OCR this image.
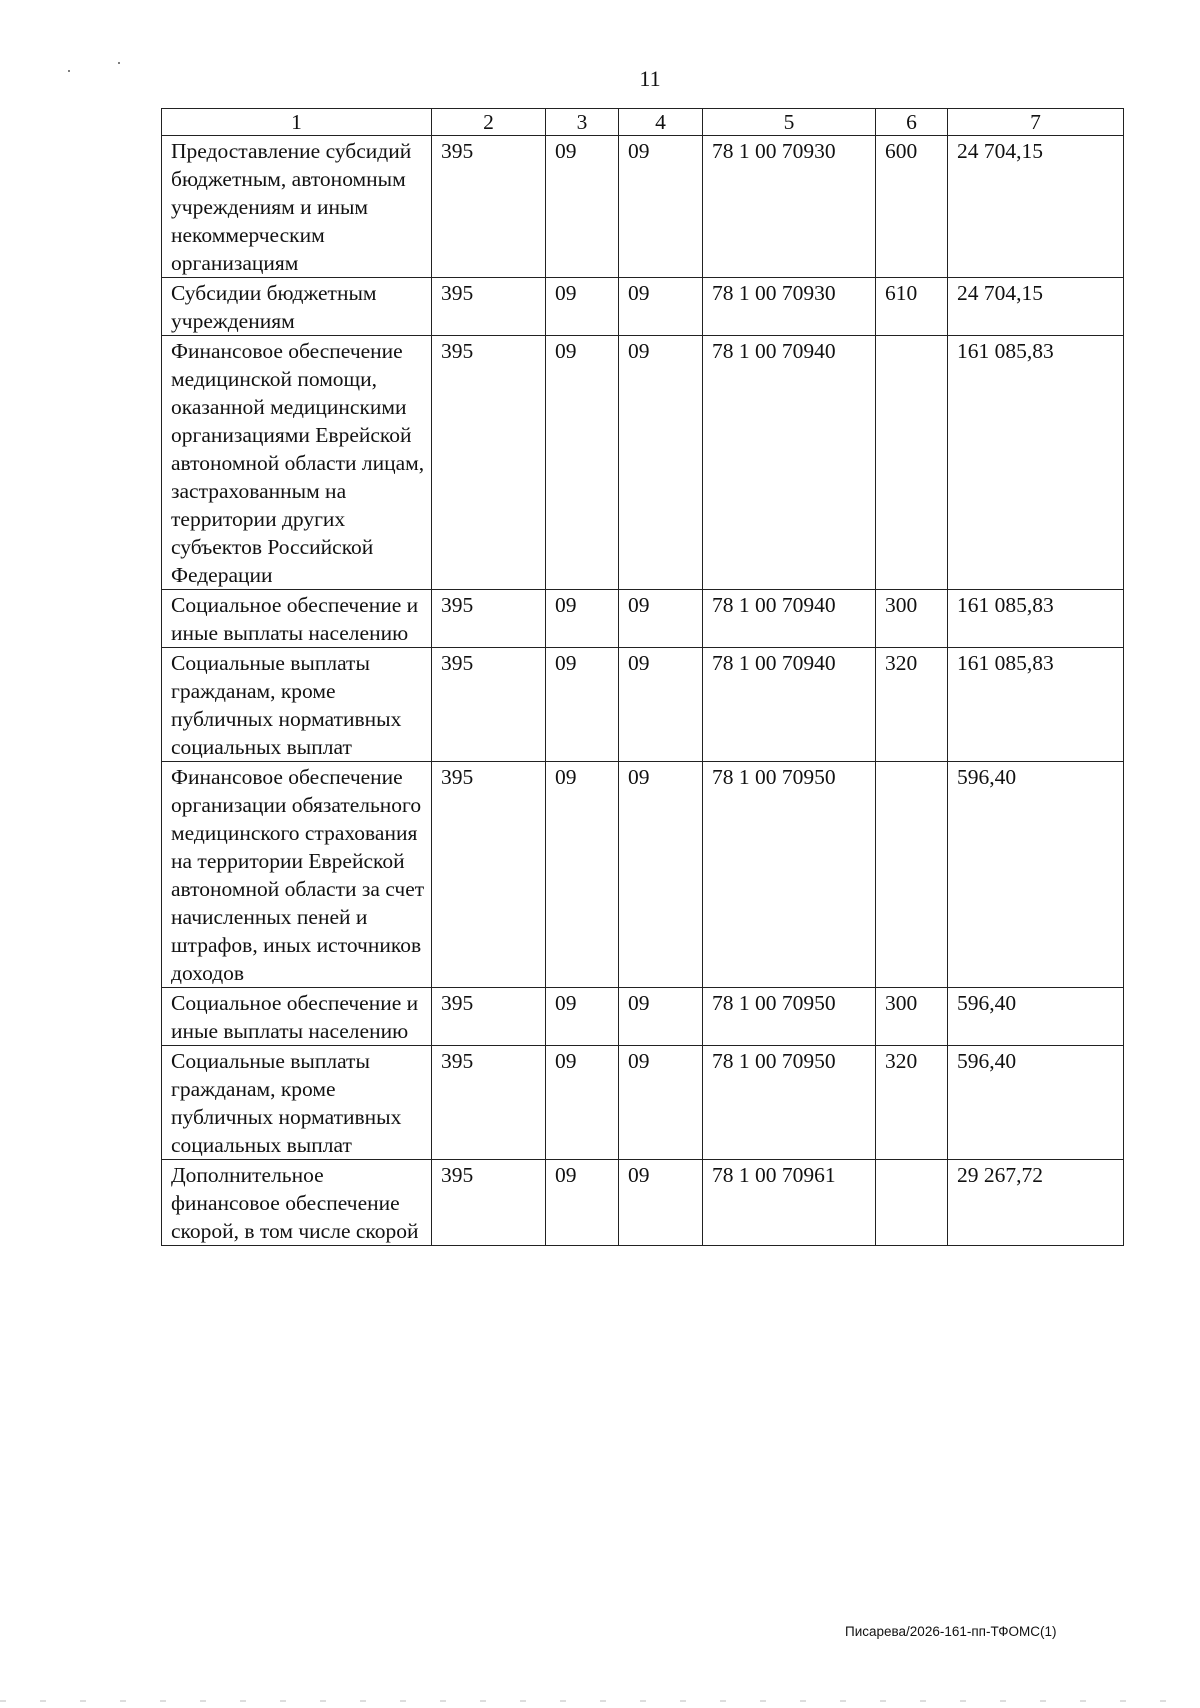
11
1	2	3	4	5	6	7
Предоставление субсидий бюджетным, автономным учреждениям и иным некоммерческим организациям	395	09	09	78 1 00 70930	600	24 704,15
Субсидии бюджетным учреждениям	395	09	09	78 1 00 70930	610	24 704,15
Финансовое обеспечение медицинской помощи, оказанной медицинскими организациями Еврейской автономной области лицам, застрахованным на территории других субъектов Российской Федерации	395	09	09	78 1 00 70940		161 085,83
Социальное обеспечение и иные выплаты населению	395	09	09	78 1 00 70940	300	161 085,83
Социальные выплаты гражданам, кроме публичных нормативных социальных выплат	395	09	09	78 1 00 70940	320	161 085,83
Финансовое обеспечение организации обязательного медицинского страхования на территории Еврейской автономной области за счет начисленных пеней и штрафов, иных источников доходов	395	09	09	78 1 00 70950		596,40
Социальное обеспечение и иные выплаты населению	395	09	09	78 1 00 70950	300	596,40
Социальные выплаты гражданам, кроме публичных нормативных социальных выплат	395	09	09	78 1 00 70950	320	596,40
Дополнительное финансовое обеспечение скорой, в том числе скорой	395	09	09	78 1 00 70961		29 267,72
Писарева/2026-161-пп-ТФОМС(1)
